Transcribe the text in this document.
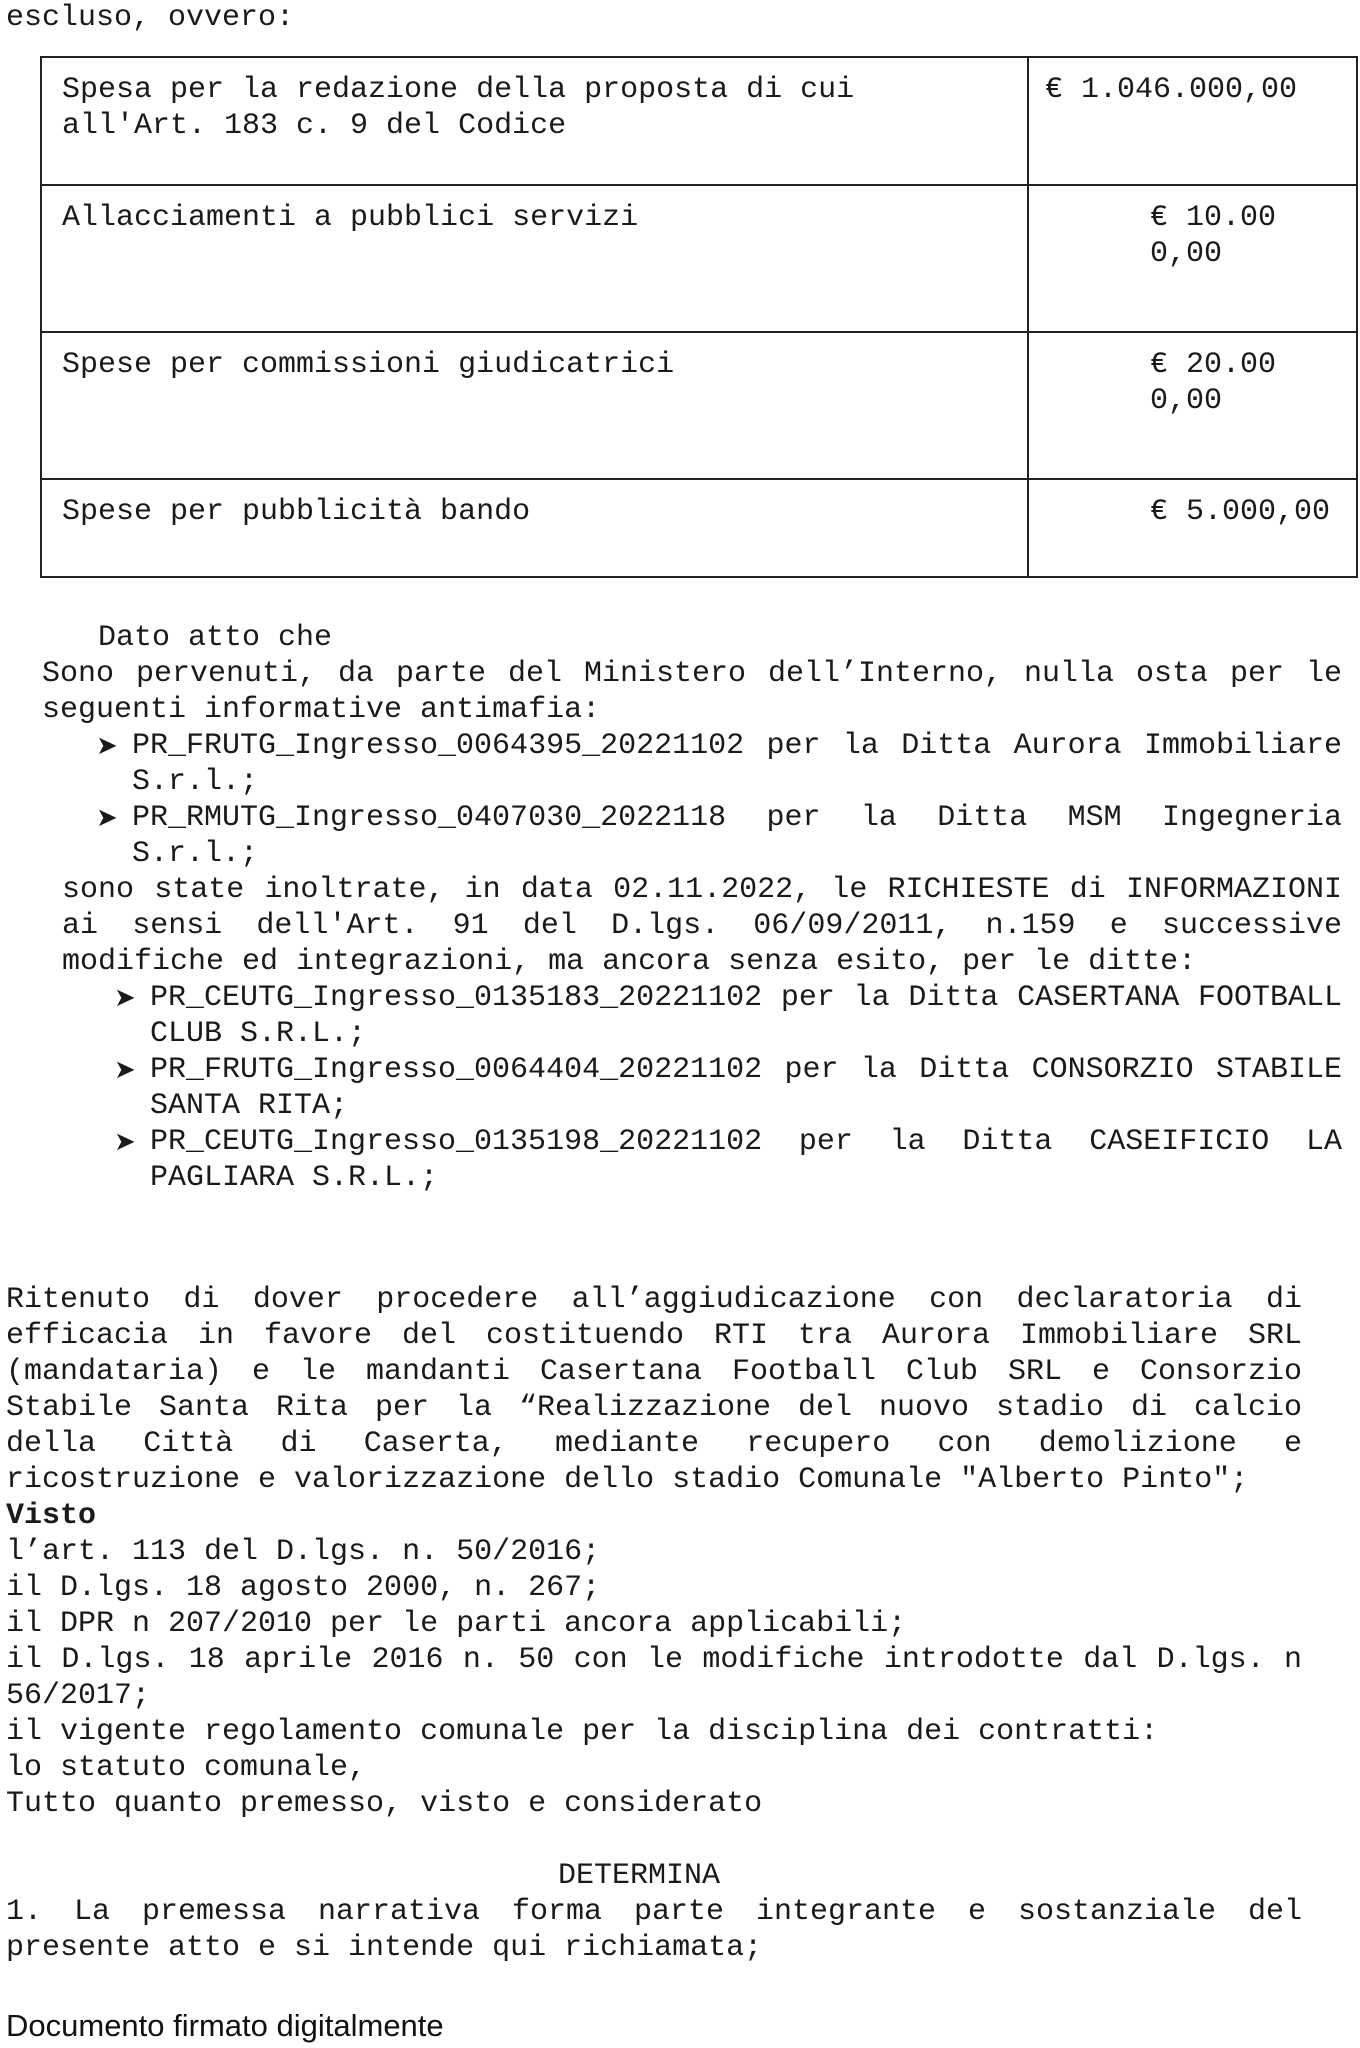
escluso, ovvero:
Spesa per la redazione della proposta di cui all'Art. 183 c. 9 del Codice	€ 1.046.000,00
Allacciamenti a pubblici servizi	€ 10.000,00

Spese per commissioni giudicatrici	€ 20.000,00

Spese per pubblicità bando	€ 5.000,00
Dato atto che
Sono pervenuti, da parte del Ministero dell’Interno, nulla osta per le seguenti informative antimafia:
➤ PR_FRUTG_Ingresso_0064395_20221102 per la Ditta Aurora Immobiliare S.r.l.;
➤ PR_RMUTG_Ingresso_0407030_2022118 per la Ditta MSM Ingegneria S.r.l.;
sono state inoltrate, in data 02.11.2022, le RICHIESTE di INFORMAZIONI ai sensi dell'Art. 91 del D.lgs. 06/09/2011, n.159 e successive modifiche ed integrazioni, ma ancora senza esito, per le ditte:
➤ PR_CEUTG_Ingresso_0135183_20221102 per la Ditta CASERTANA FOOTBALL CLUB S.R.L.;
➤ PR_FRUTG_Ingresso_0064404_20221102 per la Ditta CONSORZIO STABILE SANTA RITA;
➤ PR_CEUTG_Ingresso_0135198_20221102 per la Ditta CASEIFICIO LA PAGLIARA S.R.L.;
Ritenuto di dover procedere all’aggiudicazione con declaratoria di efficacia in favore del costituendo RTI tra Aurora Immobiliare SRL (mandataria) e le mandanti Casertana Football Club SRL e Consorzio Stabile Santa Rita per la “Realizzazione del nuovo stadio di calcio della Città di Caserta, mediante recupero con demolizione e ricostruzione e valorizzazione dello stadio Comunale "Alberto Pinto";
Visto
l’art. 113 del D.lgs. n. 50/2016;
il D.lgs. 18 agosto 2000, n. 267;
il DPR n 207/2010 per le parti ancora applicabili;
il D.lgs. 18 aprile 2016 n. 50 con le modifiche introdotte dal D.lgs. n 56/2017;
il vigente regolamento comunale per la disciplina dei contratti:
lo statuto comunale,
Tutto quanto premesso, visto e considerato
DETERMINA
1. La premessa narrativa forma parte integrante e sostanziale del presente atto e si intende qui richiamata;
Documento firmato digitalmente
